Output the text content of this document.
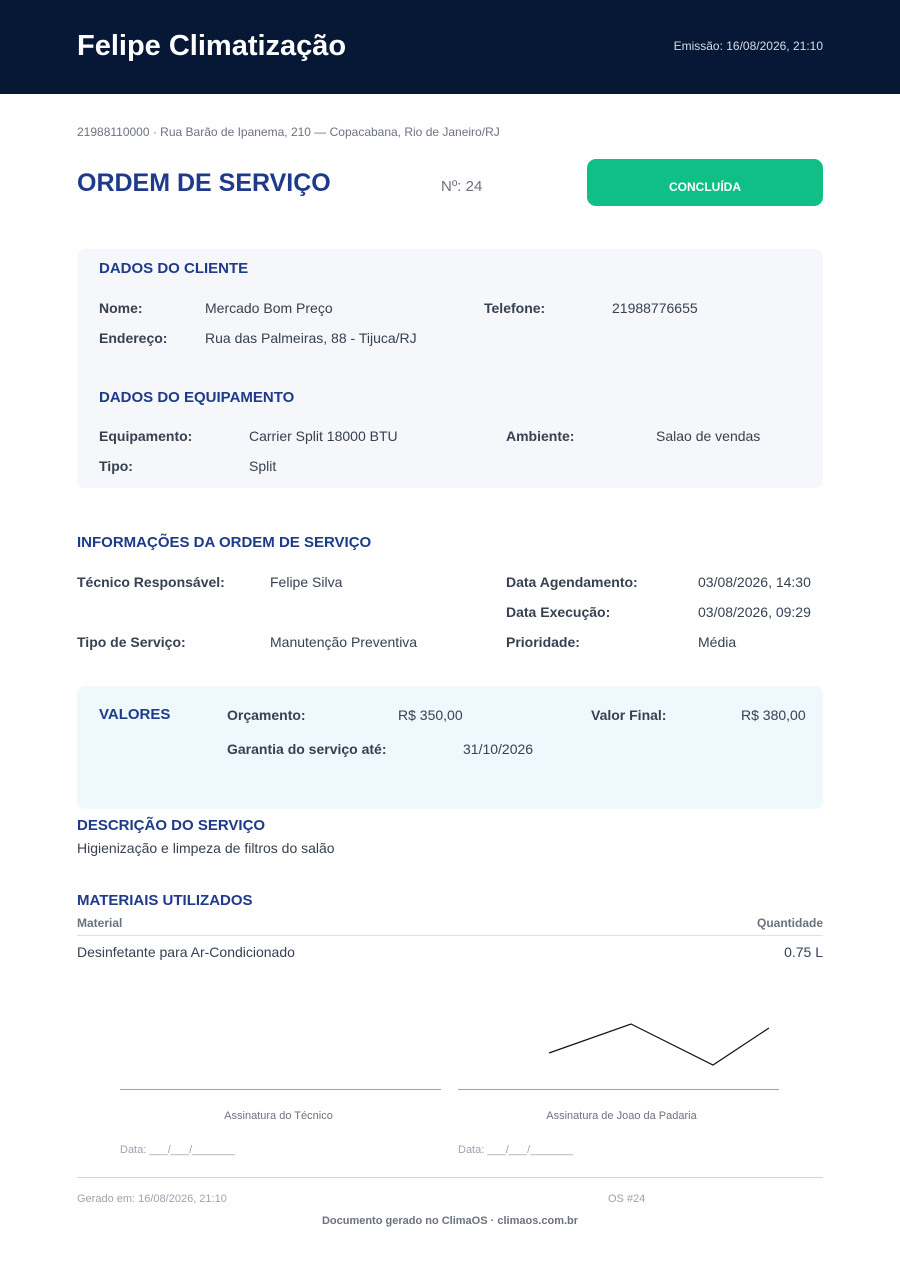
Felipe Climatização	Emissão: 16/08/2026, 21:10
21988110000 · Rua Barão de Ipanema, 210 — Copacabana, Rio de Janeiro/RJ
ORDEM DE SERVIÇO	Nº: 24	CONCLUÍDA
DADOS DO CLIENTE
Nome:	Mercado Bom Preço	Telefone:	21988776655
Endereço:	Rua das Palmeiras, 88 - Tijuca/RJ
DADOS DO EQUIPAMENTO
Equipamento:	Carrier Split 18000 BTU	Ambiente:	Salao de vendas
Tipo:	Split
INFORMAÇÕES DA ORDEM DE SERVIÇO
Técnico Responsável:	Felipe Silva	Data Agendamento:	03/08/2026, 14:30
Data Execução:	03/08/2026, 09:29
Tipo de Serviço:	Manutenção Preventiva	Prioridade:	Média
VALORES	Orçamento:	R$ 350,00	Valor Final:	R$ 380,00
Garantia do serviço até:	31/10/2026
DESCRIÇÃO DO SERVIÇO
Higienização e limpeza de filtros do salão
MATERIAIS UTILIZADOS
Material	Quantidade
Desinfetante para Ar-Condicionado	0.75 L
Assinatura do Técnico	Assinatura de Joao da Padaria
Data: ___/___/_______	Data: ___/___/_______
Gerado em: 16/08/2026, 21:10	OS #24
Documento gerado no ClimaOS · climaos.com.br
